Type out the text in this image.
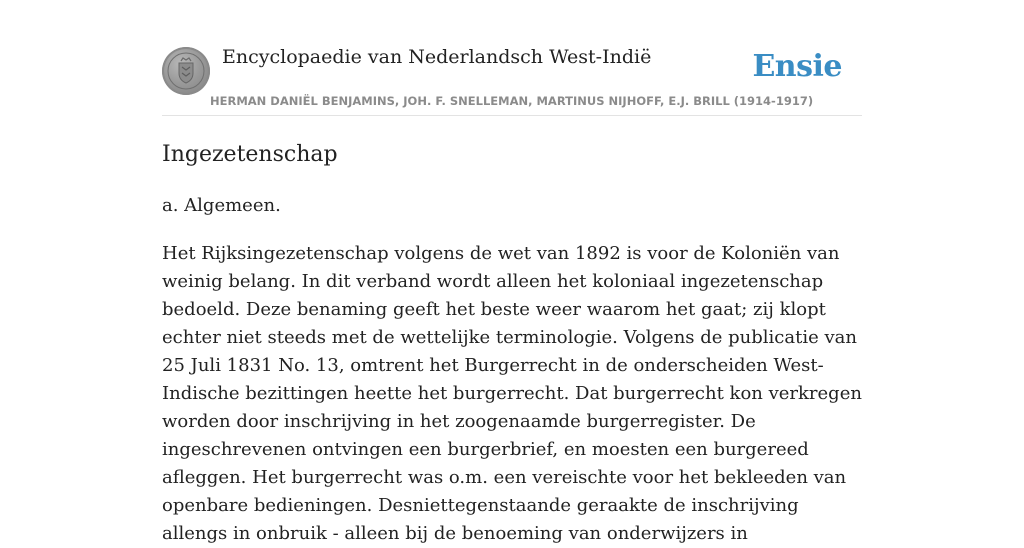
Encyclopaedie van Nederlandsch West-Indië	Ensie
HERMAN DANIËL BENJAMINS, JOH. F. SNELLEMAN, MARTINUS NIJHOFF, E.J. BRILL (1914-1917)
Ingezetenschap

a. Algemeen.

Het Rijksingezetenschap volgens de wet van 1892 is voor de Koloniën van weinig belang. In dit verband wordt alleen het koloniaal ingezetenschap bedoeld. Deze benaming geeft het beste weer waarom het gaat; zij klopt echter niet steeds met de wettelijke terminologie. Volgens de publicatie van 25 Juli 1831 No. 13, omtrent het Burgerrecht in de onderscheiden West-Indische bezittingen heette het burgerrecht. Dat burgerrecht kon verkregen worden door inschrijving in het zoogenaamde burgerregister. De ingeschrevenen ontvingen een burgerbrief, en moesten een burgereed afleggen. Het burgerrecht was o.m. een vereischte voor het bekleeden van openbare bedieningen. Desniettegenstaande geraakte de inschrijving allengs in onbruik - alleen bij de benoeming van onderwijzers in
